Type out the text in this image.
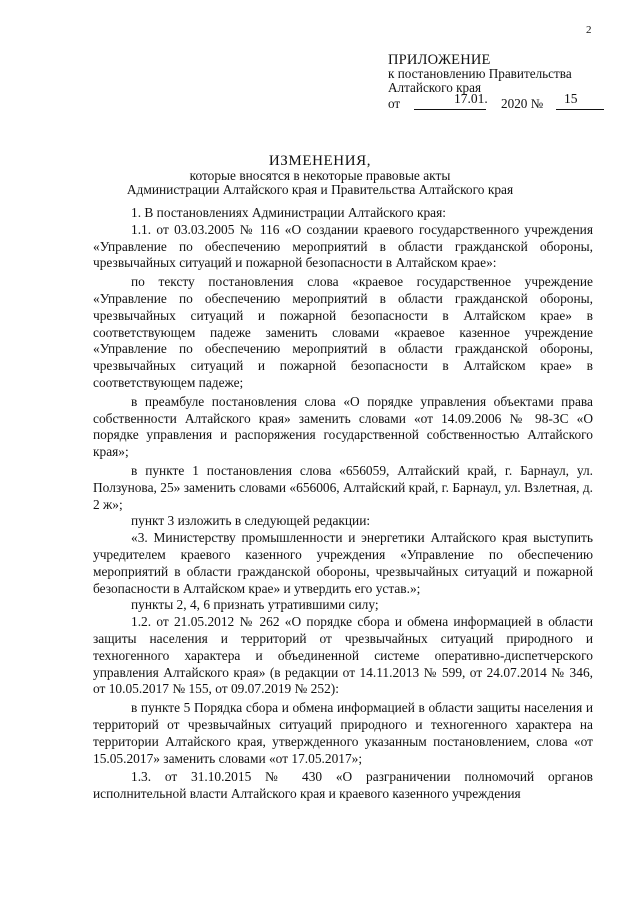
2
ПРИЛОЖЕНИЕ
к постановлению Правительства
Алтайского края
от	17.01. 2020 № 15
ИЗМЕНЕНИЯ,
которые вносятся в некоторые правовые акты
Администрации Алтайского края и Правительства Алтайского края

1. В постановлениях Администрации Алтайского края:

1.1. от 03.03.2005 № 116 «О создании краевого государственного учреждения «Управление по обеспечению мероприятий в области гражданской обороны, чрезвычайных ситуаций и пожарной безопасности в Алтайском крае»:

по тексту постановления слова «краевое государственное учреждение «Управление по обеспечению мероприятий в области гражданской обороны, чрезвычайных ситуаций и пожарной безопасности в Алтайском крае» в соответствующем падеже заменить словами «краевое казенное учреждение «Управление по обеспечению мероприятий в области гражданской обороны, чрезвычайных ситуаций и пожарной безопасности в Алтайском крае» в соответствующем падеже;

в преамбуле постановления слова «О порядке управления объектами права собственности Алтайского края» заменить словами «от 14.09.2006 № 98-ЗС «О порядке управления и распоряжения государственной собственностью Алтайского края»;

в пункте 1 постановления слова «656059, Алтайский край, г. Барнаул, ул. Ползунова, 25» заменить словами «656006, Алтайский край, г. Барнаул, ул. Взлетная, д. 2 ж»;

пункт 3 изложить в следующей редакции:

«3. Министерству промышленности и энергетики Алтайского края выступить учредителем краевого казенного учреждения «Управление по обеспечению мероприятий в области гражданской обороны, чрезвычайных ситуаций и пожарной безопасности в Алтайском крае» и утвердить его устав.»;

пункты 2, 4, 6 признать утратившими силу;

1.2. от 21.05.2012 № 262 «О порядке сбора и обмена информацией в области защиты населения и территорий от чрезвычайных ситуаций природного и техногенного характера и объединенной системе оперативно-диспетчерского управления Алтайского края» (в редакции от 14.11.2013 № 599, от 24.07.2014 № 346, от 10.05.2017 № 155, от 09.07.2019 № 252):

в пункте 5 Порядка сбора и обмена информацией в области защиты населения и территорий от чрезвычайных ситуаций природного и техногенного характера на территории Алтайского края, утвержденного указанным постановлением, слова «от 15.05.2017» заменить словами «от 17.05.2017»;

1.3. от 31.10.2015 № 430 «О разграничении полномочий органов исполнительной власти Алтайского края и краевого казенного учреждения
